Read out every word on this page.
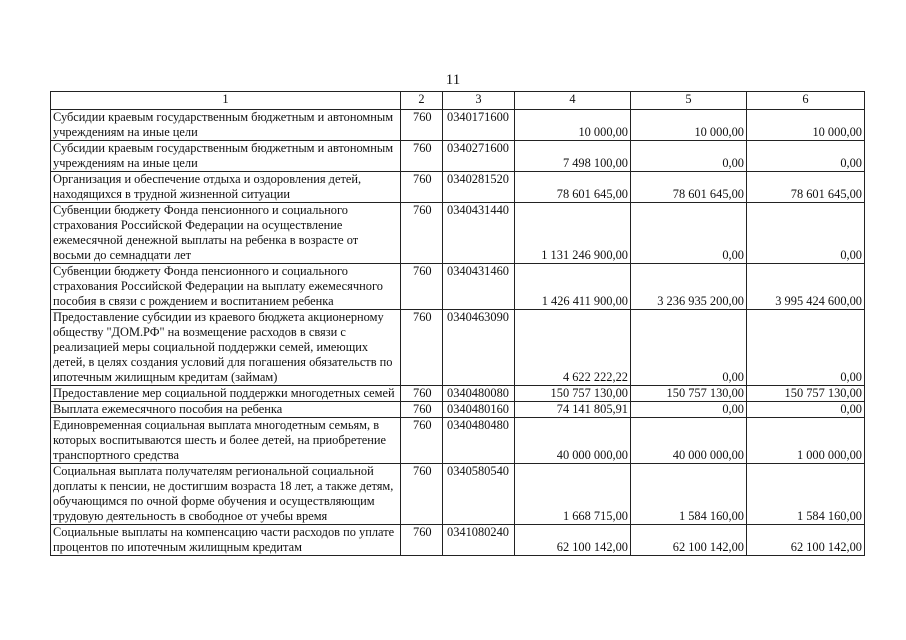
11
1	2	3	4	5	6
Субсидии краевым государственным бюджетным и автономным учреждениям на иные цели	760	0340171600	10 000,00	10 000,00	10 000,00
Субсидии краевым государственным бюджетным и автономным учреждениям на иные цели	760	0340271600	7 498 100,00	0,00	0,00
Организация и обеспечение отдыха и оздоровления детей, находящихся в трудной жизненной ситуации	760	0340281520	78 601 645,00	78 601 645,00	78 601 645,00
Субвенции бюджету Фонда пенсионного и социального страхования Российской Федерации на осуществление ежемесячной денежной выплаты на ребенка в возрасте от восьми до семнадцати лет	760	0340431440	1 131 246 900,00	0,00	0,00
Субвенции бюджету Фонда пенсионного и социального страхования Российской Федерации на выплату ежемесячного пособия в связи с рождением и воспитанием ребенка	760	0340431460	1 426 411 900,00	3 236 935 200,00	3 995 424 600,00
Предоставление субсидии из краевого бюджета акционерному обществу "ДОМ.РФ" на возмещение расходов в связи с реализацией меры социальной поддержки семей, имеющих детей, в целях создания условий для погашения обязательств по ипотечным жилищным кредитам (займам)	760	0340463090	4 622 222,22	0,00	0,00
Предоставление мер социальной поддержки многодетных семей	760	0340480080	150 757 130,00	150 757 130,00	150 757 130,00
Выплата ежемесячного пособия на ребенка	760	0340480160	74 141 805,91	0,00	0,00
Единовременная социальная выплата многодетным семьям, в которых воспитываются шесть и более детей, на приобретение транспортного средства	760	0340480480	40 000 000,00	40 000 000,00	1 000 000,00
Социальная выплата получателям региональной социальной доплаты к пенсии, не достигшим возраста 18 лет, а также детям, обучающимся по очной форме обучения и осуществляющим трудовую деятельность в свободное от учебы время	760	0340580540	1 668 715,00	1 584 160,00	1 584 160,00
Социальные выплаты на компенсацию части расходов по уплате процентов по ипотечным жилищным кредитам	760	0341080240	62 100 142,00	62 100 142,00	62 100 142,00
